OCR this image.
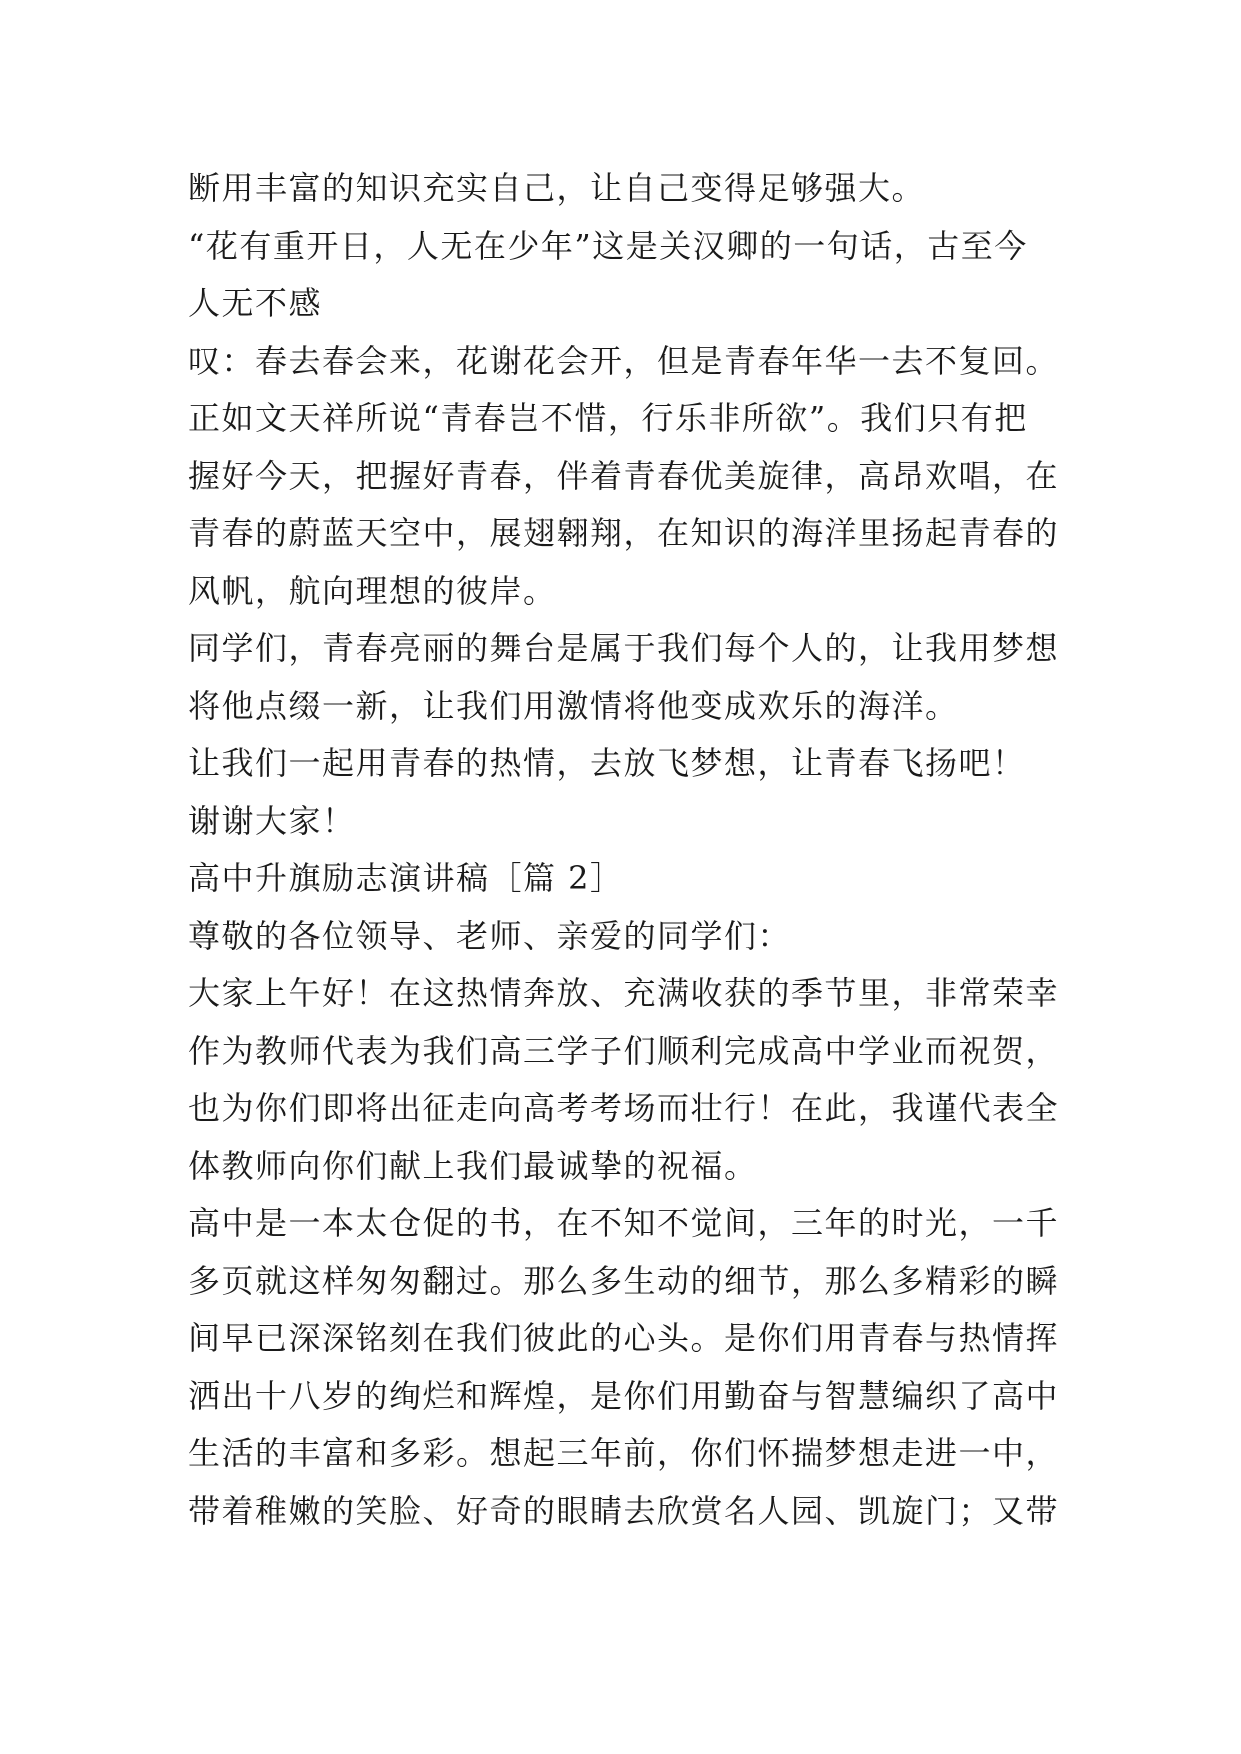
断用丰富的知识充实自己，让自己变得足够强大。
“花有重开日，人无在少年”这是关汉卿的一句话，古至今
人无不感
叹：春去春会来，花谢花会开，但是青春年华一去不复回。
正如文天祥所说“青春岂不惜，行乐非所欲”。我们只有把
握好今天，把握好青春，伴着青春优美旋律，高昂欢唱，在
青春的蔚蓝天空中，展翅翱翔，在知识的海洋里扬起青春的
风帆，航向理想的彼岸。
同学们，青春亮丽的舞台是属于我们每个人的，让我用梦想
将他点缀一新，让我们用激情将他变成欢乐的海洋。
让我们一起用青春的热情，去放飞梦想，让青春飞扬吧！
谢谢大家！
高中升旗励志演讲稿［篇 2］
尊敬的各位领导、老师、亲爱的同学们：
大家上午好！在这热情奔放、充满收获的季节里，非常荣幸
作为教师代表为我们高三学子们顺利完成高中学业而祝贺，
也为你们即将出征走向高考考场而壮行！在此，我谨代表全
体教师向你们献上我们最诚挚的祝福。
高中是一本太仓促的书，在不知不觉间，三年的时光，一千
多页就这样匆匆翻过。那么多生动的细节，那么多精彩的瞬
间早已深深铭刻在我们彼此的心头。是你们用青春与热情挥
洒出十八岁的绚烂和辉煌，是你们用勤奋与智慧编织了高中
生活的丰富和多彩。想起三年前，你们怀揣梦想走进一中，
带着稚嫩的笑脸、好奇的眼睛去欣赏名人园、凯旋门；又带
